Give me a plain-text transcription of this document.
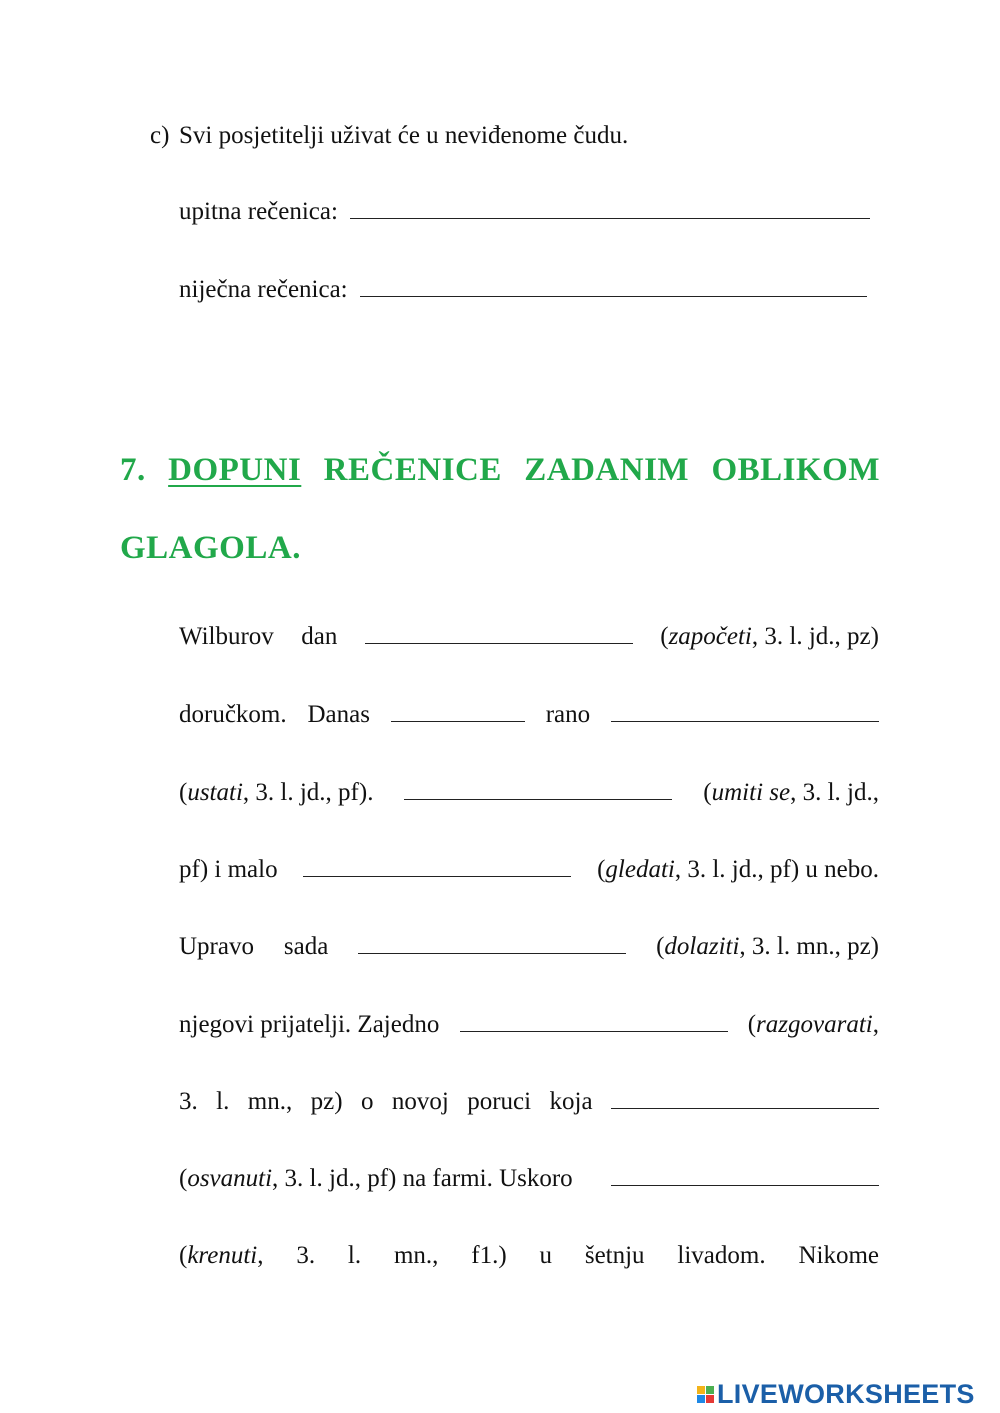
c) Svi posjetitelji uživat će u neviđenome čudu.
upitna rečenica:
niječna rečenica:
7. DOPUNI REČENICE ZADANIM OBLIKOM
GLAGOLA.
Wilburov dan	(započeti, 3. l. jd., pz)
doručkom. Danas	rano
(ustati, 3. l. jd., pf).	(umiti se, 3. l. jd.,
pf) i malo	(gledati, 3. l. jd., pf) u nebo.
Upravo sada	(dolaziti, 3. l. mn., pz)
njegovi prijatelji. Zajedno	(razgovarati,
3. l. mn., pz) o novoj poruci koja
(osvanuti, 3. l. jd., pf) na farmi. Uskoro
(krenuti, 3. l. mn., f1.) u šetnju livadom. Nikome
LIVEWORKSHEETS
